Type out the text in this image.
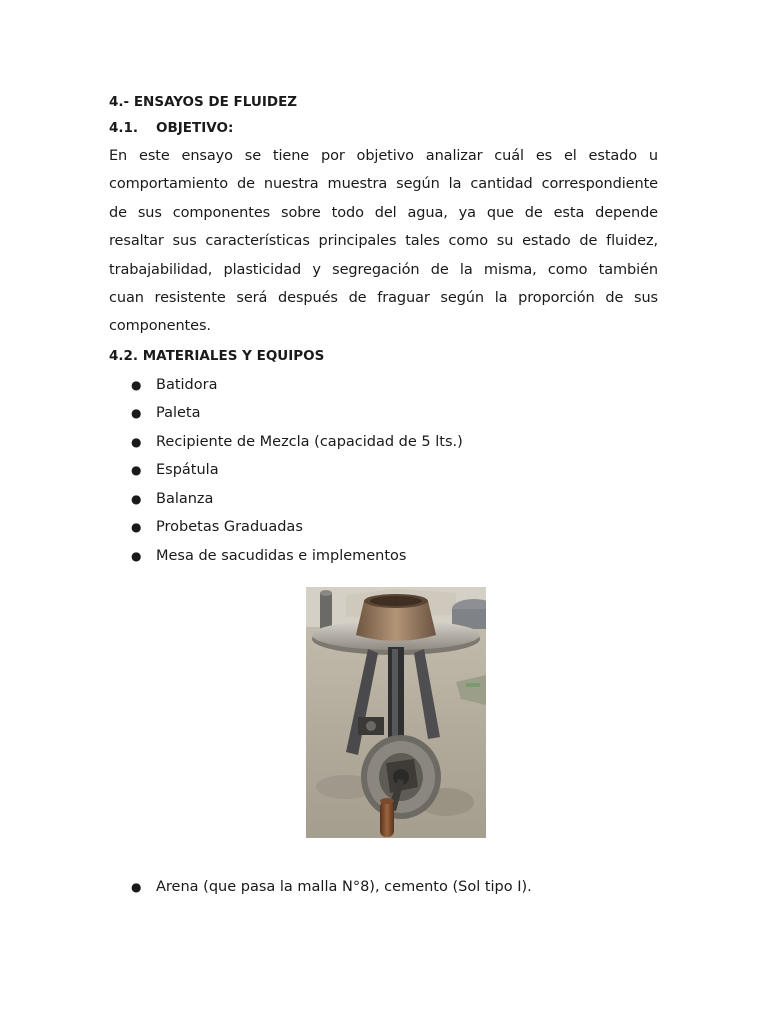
4.- ENSAYOS DE FLUIDEZ

4.1.	OBJETIVO:

En este ensayo se tiene por objetivo analizar cuál es el estado u
comportamiento de nuestra muestra según la cantidad correspondiente
de sus componentes sobre todo del agua, ya que de esta depende
resaltar sus características principales tales como su estado de fluidez,
trabajabilidad, plasticidad y segregación de la misma, como también
cuan resistente será después de fraguar según la proporción de sus
componentes.

4.2. MATERIALES Y EQUIPOS

●	Batidora
●	Paleta
●	Recipiente de Mezcla (capacidad de 5 lts.)
●	Espátula
●	Balanza
●	Probetas Graduadas
●	Mesa de sacudidas e implementos
●	Arena (que pasa la malla N°8), cemento (Sol tipo I).
